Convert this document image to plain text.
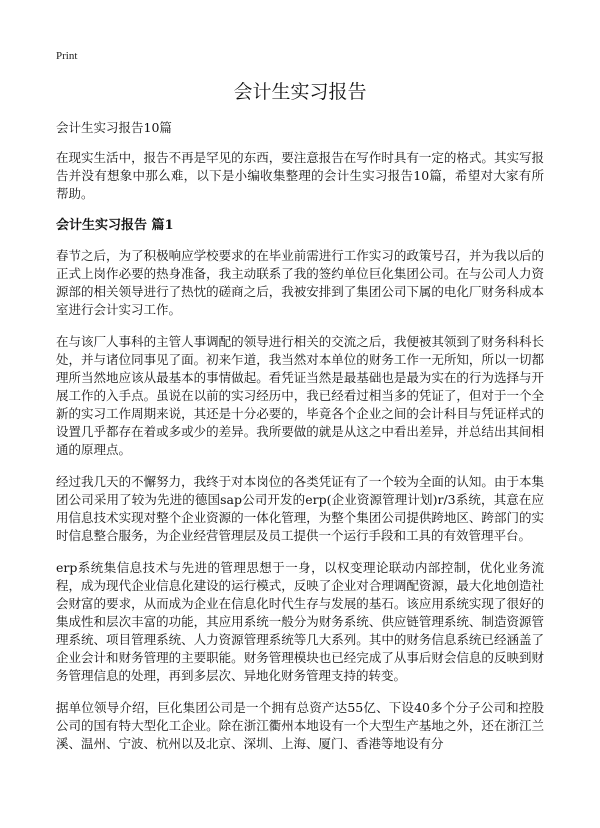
Print
会计生实习报告

会计生实习报告10篇

在现实生活中，报告不再是罕见的东西，要注意报告在写作时具有一定的格式。其实写报告并没有想象中那么难，以下是小编收集整理的会计生实习报告10篇，希望对大家有所帮助。

会计生实习报告 篇1

春节之后，为了积极响应学校要求的在毕业前需进行工作实习的政策号召，并为我以后的正式上岗作必要的热身准备，我主动联系了我的签约单位巨化集团公司。在与公司人力资源部的相关领导进行了热忱的磋商之后，我被安排到了集团公司下属的电化厂财务科成本室进行会计实习工作。

在与该厂人事科的主管人事调配的领导进行相关的交流之后，我便被其领到了财务科科长处，并与诸位同事见了面。初来乍道，我当然对本单位的财务工作一无所知，所以一切都理所当然地应该从最基本的事情做起。看凭证当然是最基础也是最为实在的行为选择与开展工作的入手点。虽说在以前的实习经历中，我已经看过相当多的凭证了，但对于一个全新的实习工作周期来说，其还是十分必要的，毕竟各个企业之间的会计科目与凭证样式的设置几乎都存在着或多或少的差异。我所要做的就是从这之中看出差异，并总结出其间相通的原理点。

经过我几天的不懈努力，我终于对本岗位的各类凭证有了一个较为全面的认知。由于本集团公司采用了较为先进的德国sap公司开发的erp(企业资源管理计划)r/3系统，其意在应用信息技术实现对整个企业资源的一体化管理，为整个集团公司提供跨地区、跨部门的实时信息整合服务，为企业经营管理层及员工提供一个运行手段和工具的有效管理平台。

erp系统集信息技术与先进的管理思想于一身，以权变理论联动内部控制，优化业务流程，成为现代企业信息化建设的运行模式，反映了企业对合理调配资源，最大化地创造社会财富的要求，从而成为企业在信息化时代生存与发展的基石。该应用系统实现了很好的集成性和层次丰富的功能，其应用系统一般分为财务系统、供应链管理系统、制造资源管理系统、项目管理系统、人力资源管理系统等几大系列。其中的财务信息系统已经涵盖了企业会计和财务管理的主要职能。财务管理模块也已经完成了从事后财会信息的反映到财务管理信息的处理，再到多层次、异地化财务管理支持的转变。

据单位领导介绍，巨化集团公司是一个拥有总资产达55亿、下设40多个分子公司和控股公司的国有特大型化工企业。除在浙江衢州本地设有一个大型生产基地之外，还在浙江兰溪、温州、宁波、杭州以及北京、深圳、上海、厦门、香港等地设有分
